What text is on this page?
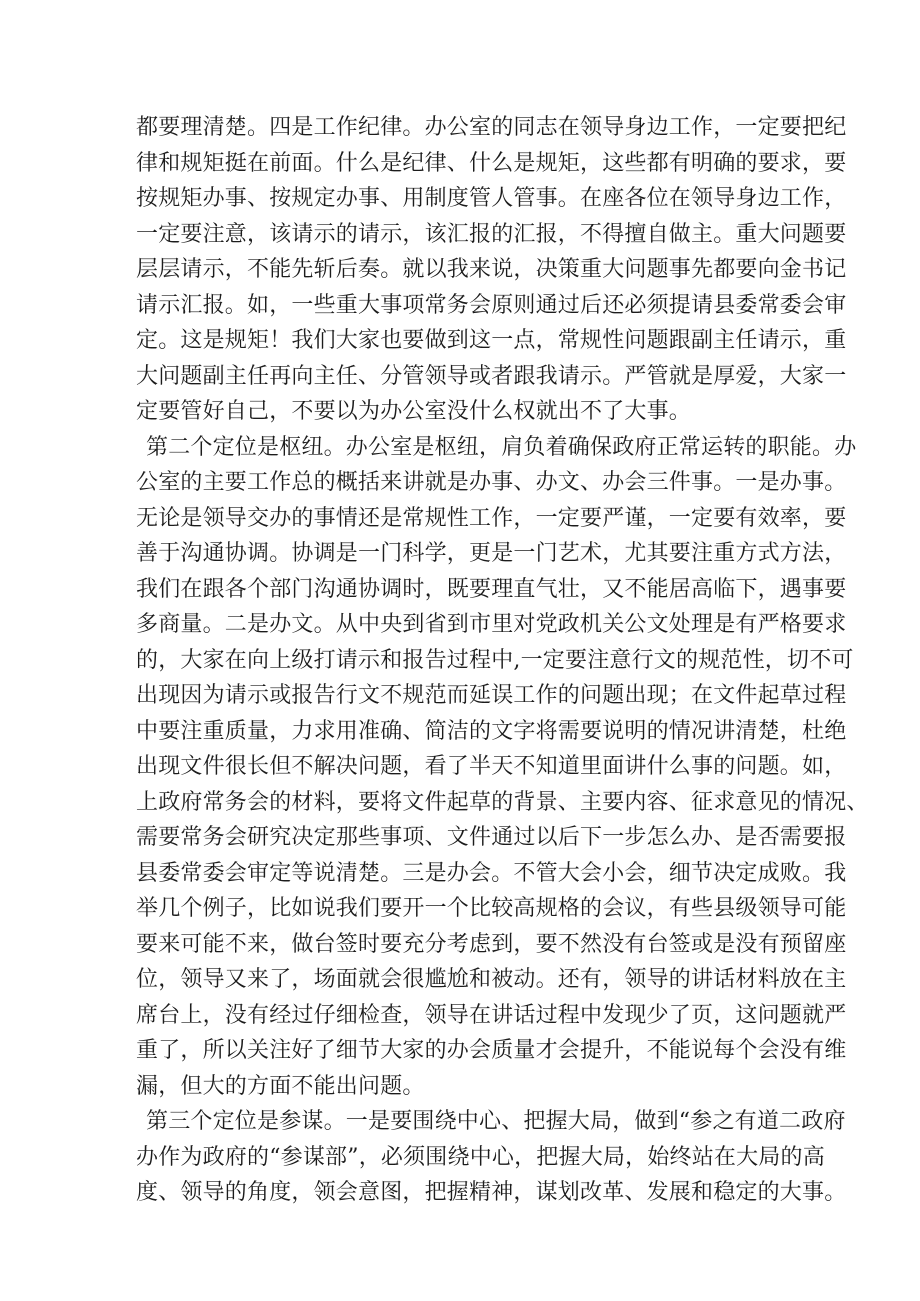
都要理清楚。四是工作纪律。办公室的同志在领导身边工作，一定要把纪
律和规矩挺在前面。什么是纪律、什么是规矩，这些都有明确的要求，要
按规矩办事、按规定办事、用制度管人管事。在座各位在领导身边工作，
一定要注意，该请示的请示，该汇报的汇报，不得擅自做主。重大问题要
层层请示，不能先斩后奏。就以我来说，决策重大问题事先都要向金书记
请示汇报。如，一些重大事项常务会原则通过后还必须提请县委常委会审
定。这是规矩！我们大家也要做到这一点，常规性问题跟副主任请示，重
大问题副主任再向主任、分管领导或者跟我请示。严管就是厚爱，大家一
定要管好自己，不要以为办公室没什么权就出不了大事。

第二个定位是枢纽。办公室是枢纽，肩负着确保政府正常运转的职能。办
公室的主要工作总的概括来讲就是办事、办文、办会三件事。一是办事。
无论是领导交办的事情还是常规性工作，一定要严谨，一定要有效率，要
善于沟通协调。协调是一门科学，更是一门艺术，尤其要注重方式方法，
我们在跟各个部门沟通协调时，既要理直气壮，又不能居高临下，遇事要
多商量。二是办文。从中央到省到市里对党政机关公文处理是有严格要求
的，大家在向上级打请示和报告过程中,一定要注意行文的规范性，切不可
出现因为请示或报告行文不规范而延误工作的问题出现；在文件起草过程
中要注重质量，力求用准确、简洁的文字将需要说明的情况讲清楚，杜绝
出现文件很长但不解决问题，看了半天不知道里面讲什么事的问题。如，
上政府常务会的材料，要将文件起草的背景、主要内容、征求意见的情况、
需要常务会研究决定那些事项、文件通过以后下一步怎么办、是否需要报
县委常委会审定等说清楚。三是办会。不管大会小会，细节决定成败。我
举几个例子，比如说我们要开一个比较高规格的会议，有些县级领导可能
要来可能不来，做台签时要充分考虑到，要不然没有台签或是没有预留座
位，领导又来了，场面就会很尴尬和被动。还有，领导的讲话材料放在主
席台上，没有经过仔细检查，领导在讲话过程中发现少了页，这问题就严
重了，所以关注好了细节大家的办会质量才会提升，不能说每个会没有维
漏，但大的方面不能出问题。

第三个定位是参谋。一是要围绕中心、把握大局，做到“参之有道二政府
办作为政府的“参谋部”，必须围绕中心，把握大局，始终站在大局的高
度、领导的角度，领会意图，把握精神，谋划改革、发展和稳定的大事。
